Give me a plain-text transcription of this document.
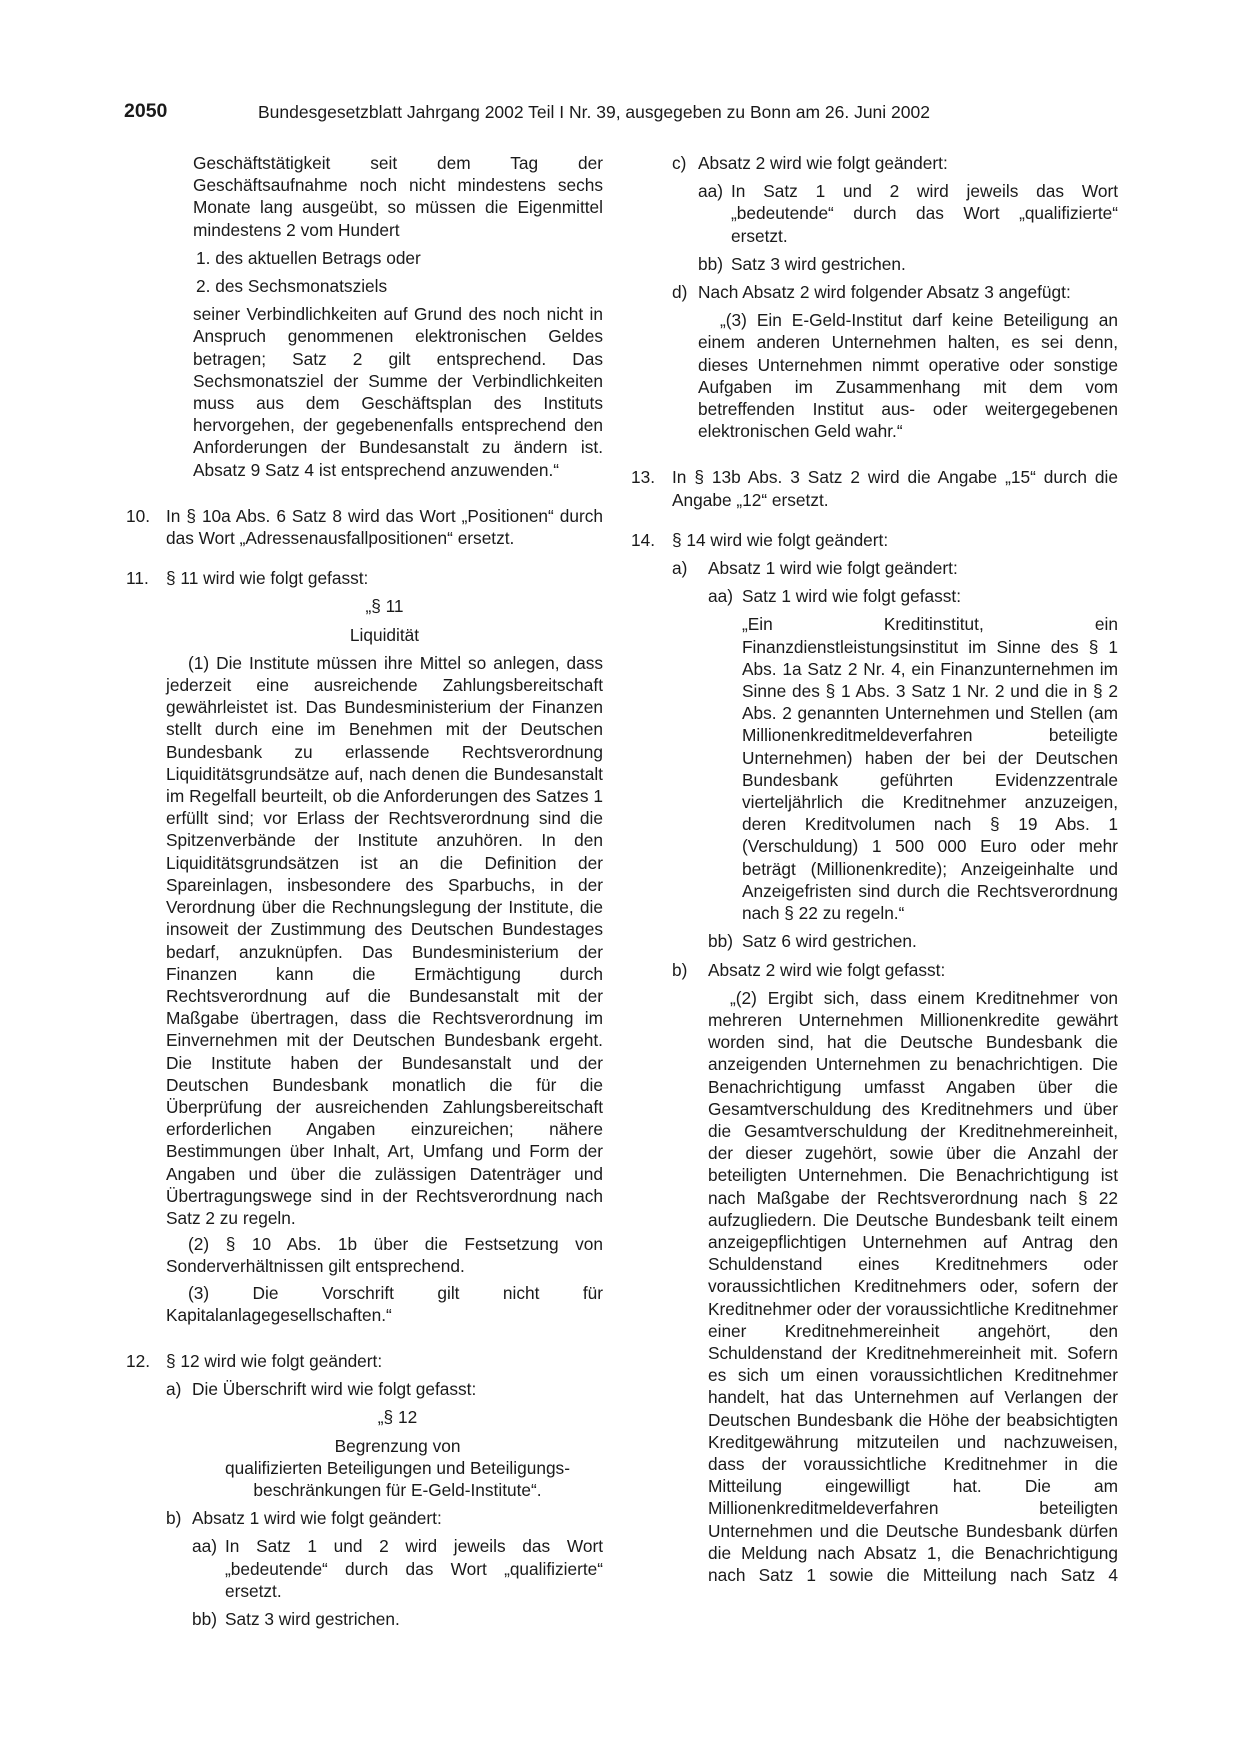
2050	Bundesgesetzblatt Jahrgang 2002 Teil I Nr. 39, ausgegeben zu Bonn am 26. Juni 2002

Geschäftstätigkeit seit dem Tag der Geschäftsaufnahme noch nicht mindestens sechs Monate lang ausgeübt, so müssen die Eigenmittel mindestens 2 vom Hundert

1. des aktuellen Betrags oder

2. des Sechsmonatsziels

seiner Verbindlichkeiten auf Grund des noch nicht in Anspruch genommenen elektronischen Geldes betragen; Satz 2 gilt entsprechend. Das Sechsmonatsziel der Summe der Verbindlichkeiten muss aus dem Geschäftsplan des Instituts hervorgehen, der gegebenenfalls entsprechend den Anforderungen der Bundesanstalt zu ändern ist. Absatz 9 Satz 4 ist entsprechend anzuwenden.“

10. In § 10a Abs. 6 Satz 8 wird das Wort „Positionen“ durch das Wort „Adressenausfallpositionen“ ersetzt.

11. § 11 wird wie folgt gefasst:

„§ 11

Liquidität

(1) Die Institute müssen ihre Mittel so anlegen, dass jederzeit eine ausreichende Zahlungsbereitschaft gewährleistet ist. Das Bundesministerium der Finanzen stellt durch eine im Benehmen mit der Deutschen Bundesbank zu erlassende Rechtsverordnung Liquiditätsgrundsätze auf, nach denen die Bundesanstalt im Regelfall beurteilt, ob die Anforderungen des Satzes 1 erfüllt sind; vor Erlass der Rechtsverordnung sind die Spitzenverbände der Institute anzuhören. In den Liquiditätsgrundsätzen ist an die Definition der Spareinlagen, insbesondere des Sparbuchs, in der Verordnung über die Rechnungslegung der Institute, die insoweit der Zustimmung des Deutschen Bundestages bedarf, anzuknüpfen. Das Bundesministerium der Finanzen kann die Ermächtigung durch Rechtsverordnung auf die Bundesanstalt mit der Maßgabe übertragen, dass die Rechtsverordnung im Einvernehmen mit der Deutschen Bundesbank ergeht. Die Institute haben der Bundesanstalt und der Deutschen Bundesbank monatlich die für die Überprüfung der ausreichenden Zahlungsbereitschaft erforderlichen Angaben einzureichen; nähere Bestimmungen über Inhalt, Art, Umfang und Form der Angaben und über die zulässigen Datenträger und Übertragungswege sind in der Rechtsverordnung nach Satz 2 zu regeln.

(2) § 10 Abs. 1b über die Festsetzung von Sonderverhältnissen gilt entsprechend.

(3) Die Vorschrift gilt nicht für Kapitalanlagegesellschaften.“

12. § 12 wird wie folgt geändert:

a) Die Überschrift wird wie folgt gefasst:

„§ 12

Begrenzung von

qualifizierten Beteiligungen und Beteiligungs-

beschränkungen für E-Geld-Institute“.

b) Absatz 1 wird wie folgt geändert:

aa) In Satz 1 und 2 wird jeweils das Wort „bedeutende“ durch das Wort „qualifizierte“ ersetzt.

bb) Satz 3 wird gestrichen.

c) Absatz 2 wird wie folgt geändert:

aa) In Satz 1 und 2 wird jeweils das Wort „bedeutende“ durch das Wort „qualifizierte“ ersetzt.

bb) Satz 3 wird gestrichen.

d) Nach Absatz 2 wird folgender Absatz 3 angefügt:

„(3) Ein E-Geld-Institut darf keine Beteiligung an einem anderen Unternehmen halten, es sei denn, dieses Unternehmen nimmt operative oder sonstige Aufgaben im Zusammenhang mit dem vom betreffenden Institut aus- oder weitergegebenen elektronischen Geld wahr.“

13. In § 13b Abs. 3 Satz 2 wird die Angabe „15“ durch die Angabe „12“ ersetzt.

14. § 14 wird wie folgt geändert:

a) Absatz 1 wird wie folgt geändert:

aa) Satz 1 wird wie folgt gefasst:

„Ein Kreditinstitut, ein Finanzdienstleistungsinstitut im Sinne des § 1 Abs. 1a Satz 2 Nr. 4, ein Finanzunternehmen im Sinne des § 1 Abs. 3 Satz 1 Nr. 2 und die in § 2 Abs. 2 genannten Unternehmen und Stellen (am Millionenkreditmeldeverfahren beteiligte Unternehmen) haben der bei der Deutschen Bundesbank geführten Evidenzzentrale vierteljährlich die Kreditnehmer anzuzeigen, deren Kreditvolumen nach § 19 Abs. 1 (Verschuldung) 1 500 000 Euro oder mehr beträgt (Millionenkredite); Anzeigeinhalte und Anzeigefristen sind durch die Rechtsverordnung nach § 22 zu regeln.“

bb) Satz 6 wird gestrichen.

b) Absatz 2 wird wie folgt gefasst:

„(2) Ergibt sich, dass einem Kreditnehmer von mehreren Unternehmen Millionenkredite gewährt worden sind, hat die Deutsche Bundesbank die anzeigenden Unternehmen zu benachrichtigen. Die Benachrichtigung umfasst Angaben über die Gesamtverschuldung des Kreditnehmers und über die Gesamtverschuldung der Kreditnehmereinheit, der dieser zugehört, sowie über die Anzahl der beteiligten Unternehmen. Die Benachrichtigung ist nach Maßgabe der Rechtsverordnung nach § 22 aufzugliedern. Die Deutsche Bundesbank teilt einem anzeigepflichtigen Unternehmen auf Antrag den Schuldenstand eines Kreditnehmers oder voraussichtlichen Kreditnehmers oder, sofern der Kreditnehmer oder der voraussichtliche Kreditnehmer einer Kreditnehmereinheit angehört, den Schuldenstand der Kreditnehmereinheit mit. Sofern es sich um einen voraussichtlichen Kreditnehmer handelt, hat das Unternehmen auf Verlangen der Deutschen Bundesbank die Höhe der beabsichtigten Kreditgewährung mitzuteilen und nachzuweisen, dass der voraussichtliche Kreditnehmer in die Mitteilung eingewilligt hat. Die am Millionenkreditmeldeverfahren beteiligten Unternehmen und die Deutsche Bundesbank dürfen die Meldung nach Absatz 1, die Benachrichtigung nach Satz 1 sowie die Mitteilung nach Satz 4
